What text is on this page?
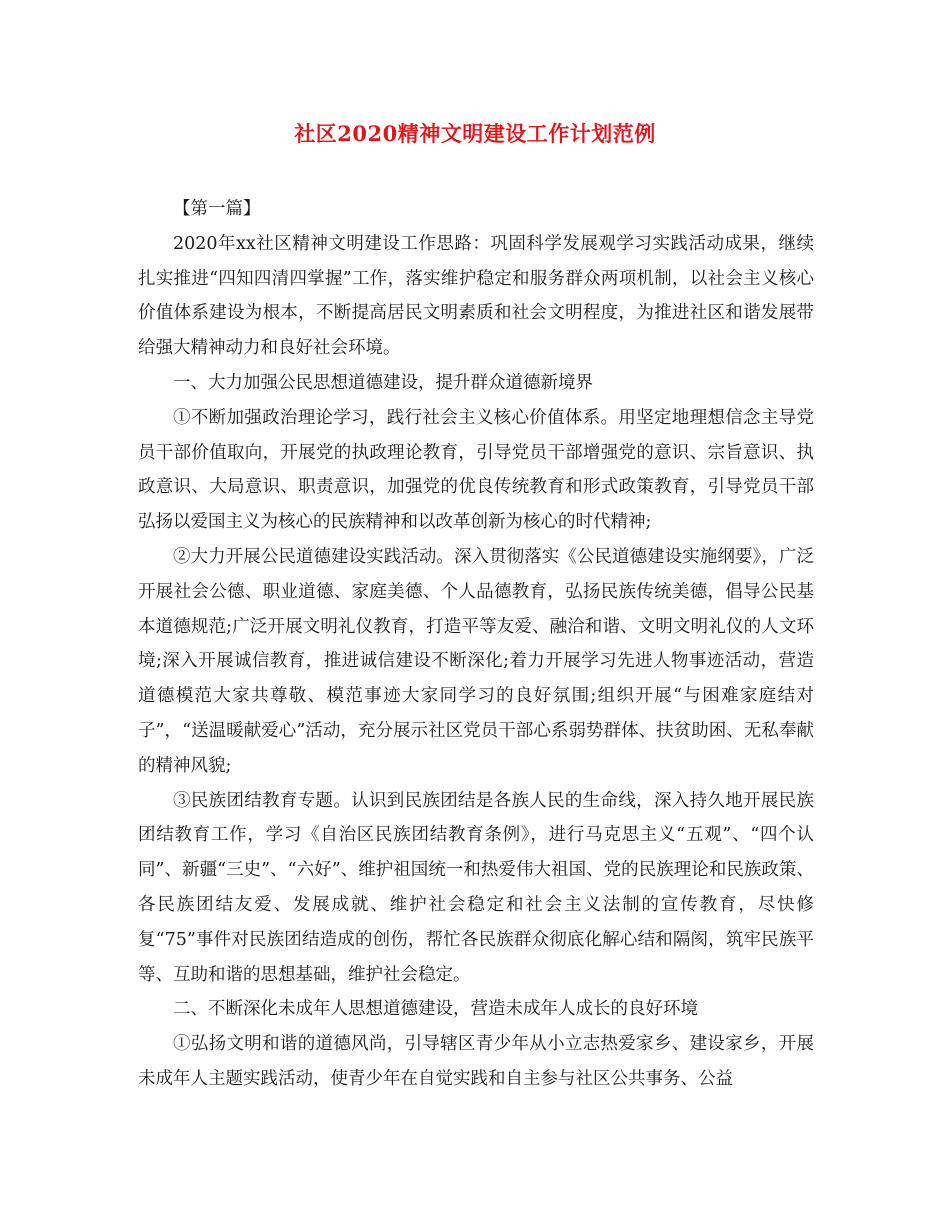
社区2020精神文明建设工作计划范例

【第一篇】

2020年xx社区精神文明建设工作思路：巩固科学发展观学习实践活动成果，继续扎实推进“四知四清四掌握”工作，落实维护稳定和服务群众两项机制，以社会主义核心价值体系建设为根本，不断提高居民文明素质和社会文明程度，为推进社区和谐发展带给强大精神动力和良好社会环境。

一、大力加强公民思想道德建设，提升群众道德新境界

①不断加强政治理论学习，践行社会主义核心价值体系。用坚定地理想信念主导党员干部价值取向，开展党的执政理论教育，引导党员干部增强党的意识、宗旨意识、执政意识、大局意识、职责意识，加强党的优良传统教育和形式政策教育，引导党员干部弘扬以爱国主义为核心的民族精神和以改革创新为核心的时代精神;

②大力开展公民道德建设实践活动。深入贯彻落实《公民道德建设实施纲要》，广泛开展社会公德、职业道德、家庭美德、个人品德教育，弘扬民族传统美德，倡导公民基本道德规范;广泛开展文明礼仪教育，打造平等友爱、融洽和谐、文明文明礼仪的人文环境;深入开展诚信教育，推进诚信建设不断深化;着力开展学习先进人物事迹活动，营造道德模范大家共尊敬、模范事迹大家同学习的良好氛围;组织开展“与困难家庭结对子”，“送温暖献爱心”活动，充分展示社区党员干部心系弱势群体、扶贫助困、无私奉献的精神风貌;

③民族团结教育专题。认识到民族团结是各族人民的生命线，深入持久地开展民族团结教育工作，学习《自治区民族团结教育条例》，进行马克思主义“五观”、“四个认同”、新疆“三史”、“六好”、维护祖国统一和热爱伟大祖国、党的民族理论和民族政策、各民族团结友爱、发展成就、维护社会稳定和社会主义法制的宣传教育，尽快修复“75”事件对民族团结造成的创伤，帮忙各民族群众彻底化解心结和隔阂，筑牢民族平等、互助和谐的思想基础，维护社会稳定。

二、不断深化未成年人思想道德建设，营造未成年人成长的良好环境

①弘扬文明和谐的道德风尚，引导辖区青少年从小立志热爱家乡、建设家乡，开展未成年人主题实践活动，使青少年在自觉实践和自主参与社区公共事务、公益
